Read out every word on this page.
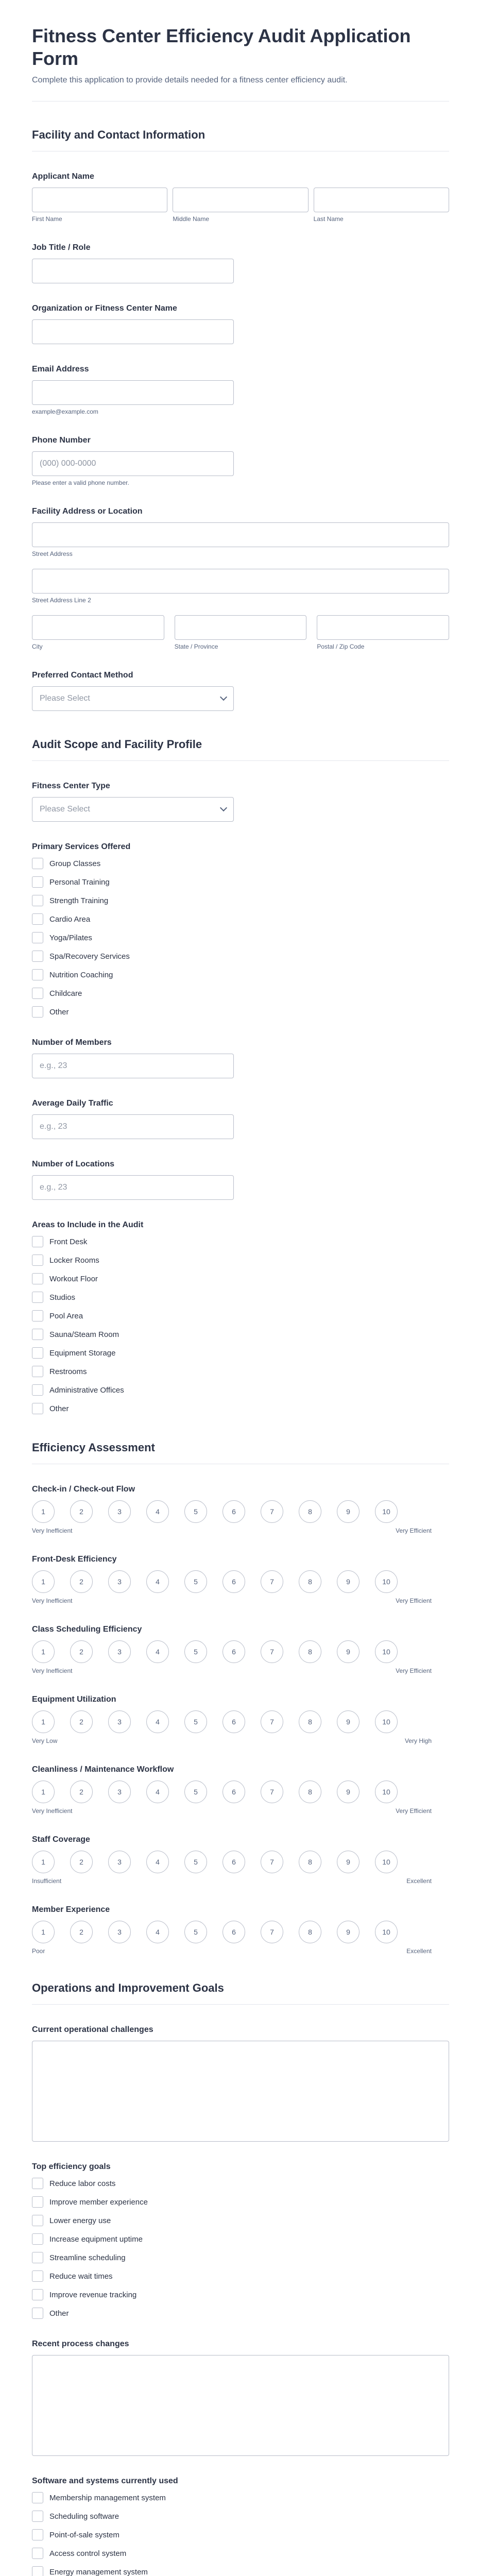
Fitness Center Efficiency Audit Application Form

Complete this application to provide details needed for a fitness center efficiency audit.

Facility and Contact Information
Applicant Name
First Name	Middle Name	Last Name
Job Title / Role
Organization or Fitness Center Name
Email Address
example@example.com
Phone Number
(000) 000-0000
Please enter a valid phone number.
Facility Address or Location
Street Address
Street Address Line 2
City	State / Province	Postal / Zip Code
Preferred Contact Method
Please Select
Audit Scope and Facility Profile
Fitness Center Type
Please Select
Primary Services Offered
Group Classes
Personal Training
Strength Training
Cardio Area
Yoga/Pilates
Spa/Recovery Services
Nutrition Coaching
Childcare
Other
Number of Members
e.g., 23
Average Daily Traffic
e.g., 23
Number of Locations
e.g., 23
Areas to Include in the Audit
Front Desk
Locker Rooms
Workout Floor
Studios
Pool Area
Sauna/Steam Room
Equipment Storage
Restrooms
Administrative Offices
Other
Efficiency Assessment
Check-in / Check-out Flow
1	2	3	4	5	6	7	8	9	10
Very Inefficient	Very Efficient
Front-Desk Efficiency
1	2	3	4	5	6	7	8	9	10
Very Inefficient	Very Efficient
Class Scheduling Efficiency
1	2	3	4	5	6	7	8	9	10
Very Inefficient	Very Efficient
Equipment Utilization
1	2	3	4	5	6	7	8	9	10
Very Low	Very High
Cleanliness / Maintenance Workflow
1	2	3	4	5	6	7	8	9	10
Very Inefficient	Very Efficient
Staff Coverage
1	2	3	4	5	6	7	8	9	10
Insufficient	Excellent
Member Experience
1	2	3	4	5	6	7	8	9	10
Poor	Excellent
Operations and Improvement Goals
Current operational challenges
Top efficiency goals
Reduce labor costs
Improve member experience
Lower energy use
Increase equipment uptime
Streamline scheduling
Reduce wait times
Improve revenue tracking
Other
Recent process changes
Software and systems currently used
Membership management system
Scheduling software
Point-of-sale system
Access control system
Energy management system
